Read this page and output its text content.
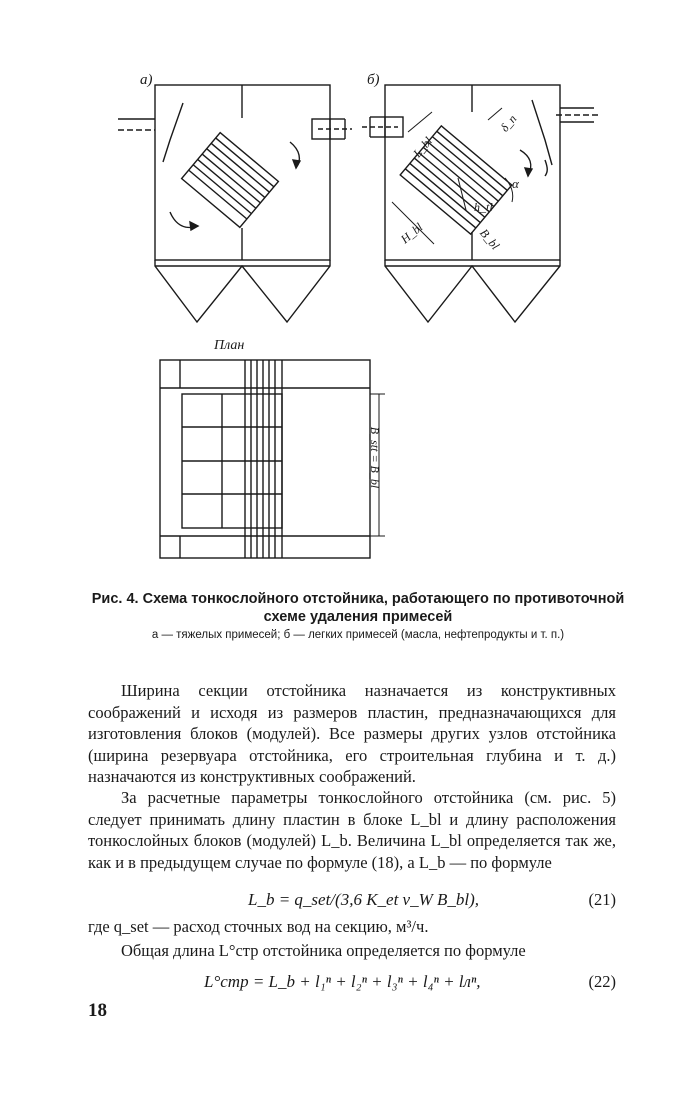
а)	б)
План
L_bl
δ_n
α
h_tl
H_bl	B_bl
B_stt = B_bl
Рис. 4. Схема тонкослойного отстойника, работающего по противоточной схеме удаления примесей
а — тяжелых примесей; б — легких примесей (масла, нефтепродукты и т. п.)

Ширина секции отстойника назначается из конструктивных соображений и исходя из размеров пластин, предназначающихся для изготовления блоков (модулей). Все размеры других узлов отстойника (ширина резервуара отстойника, его строительная глубина и т. д.) назначаются из конструктивных соображений.

За расчетные параметры тонкослойного отстойника (см. рис. 5) следует принимать длину пластин в блоке L_bl и длину расположения тонкослойных блоков (модулей) L_b. Величина L_bl определяется так же, как и в предыдущем случае по формуле (18), а L_b — по формуле

L_b = q_set/(3,6 K_et v_W B_bl),	(21)

где q_set — расход сточных вод на секцию, м³/ч.

Общая длина L°стр отстойника определяется по формуле

L°стр = L_b + l₁ⁿ + l₂ⁿ + l₃ⁿ + l₄ⁿ + lлⁿ,	(22)
18
